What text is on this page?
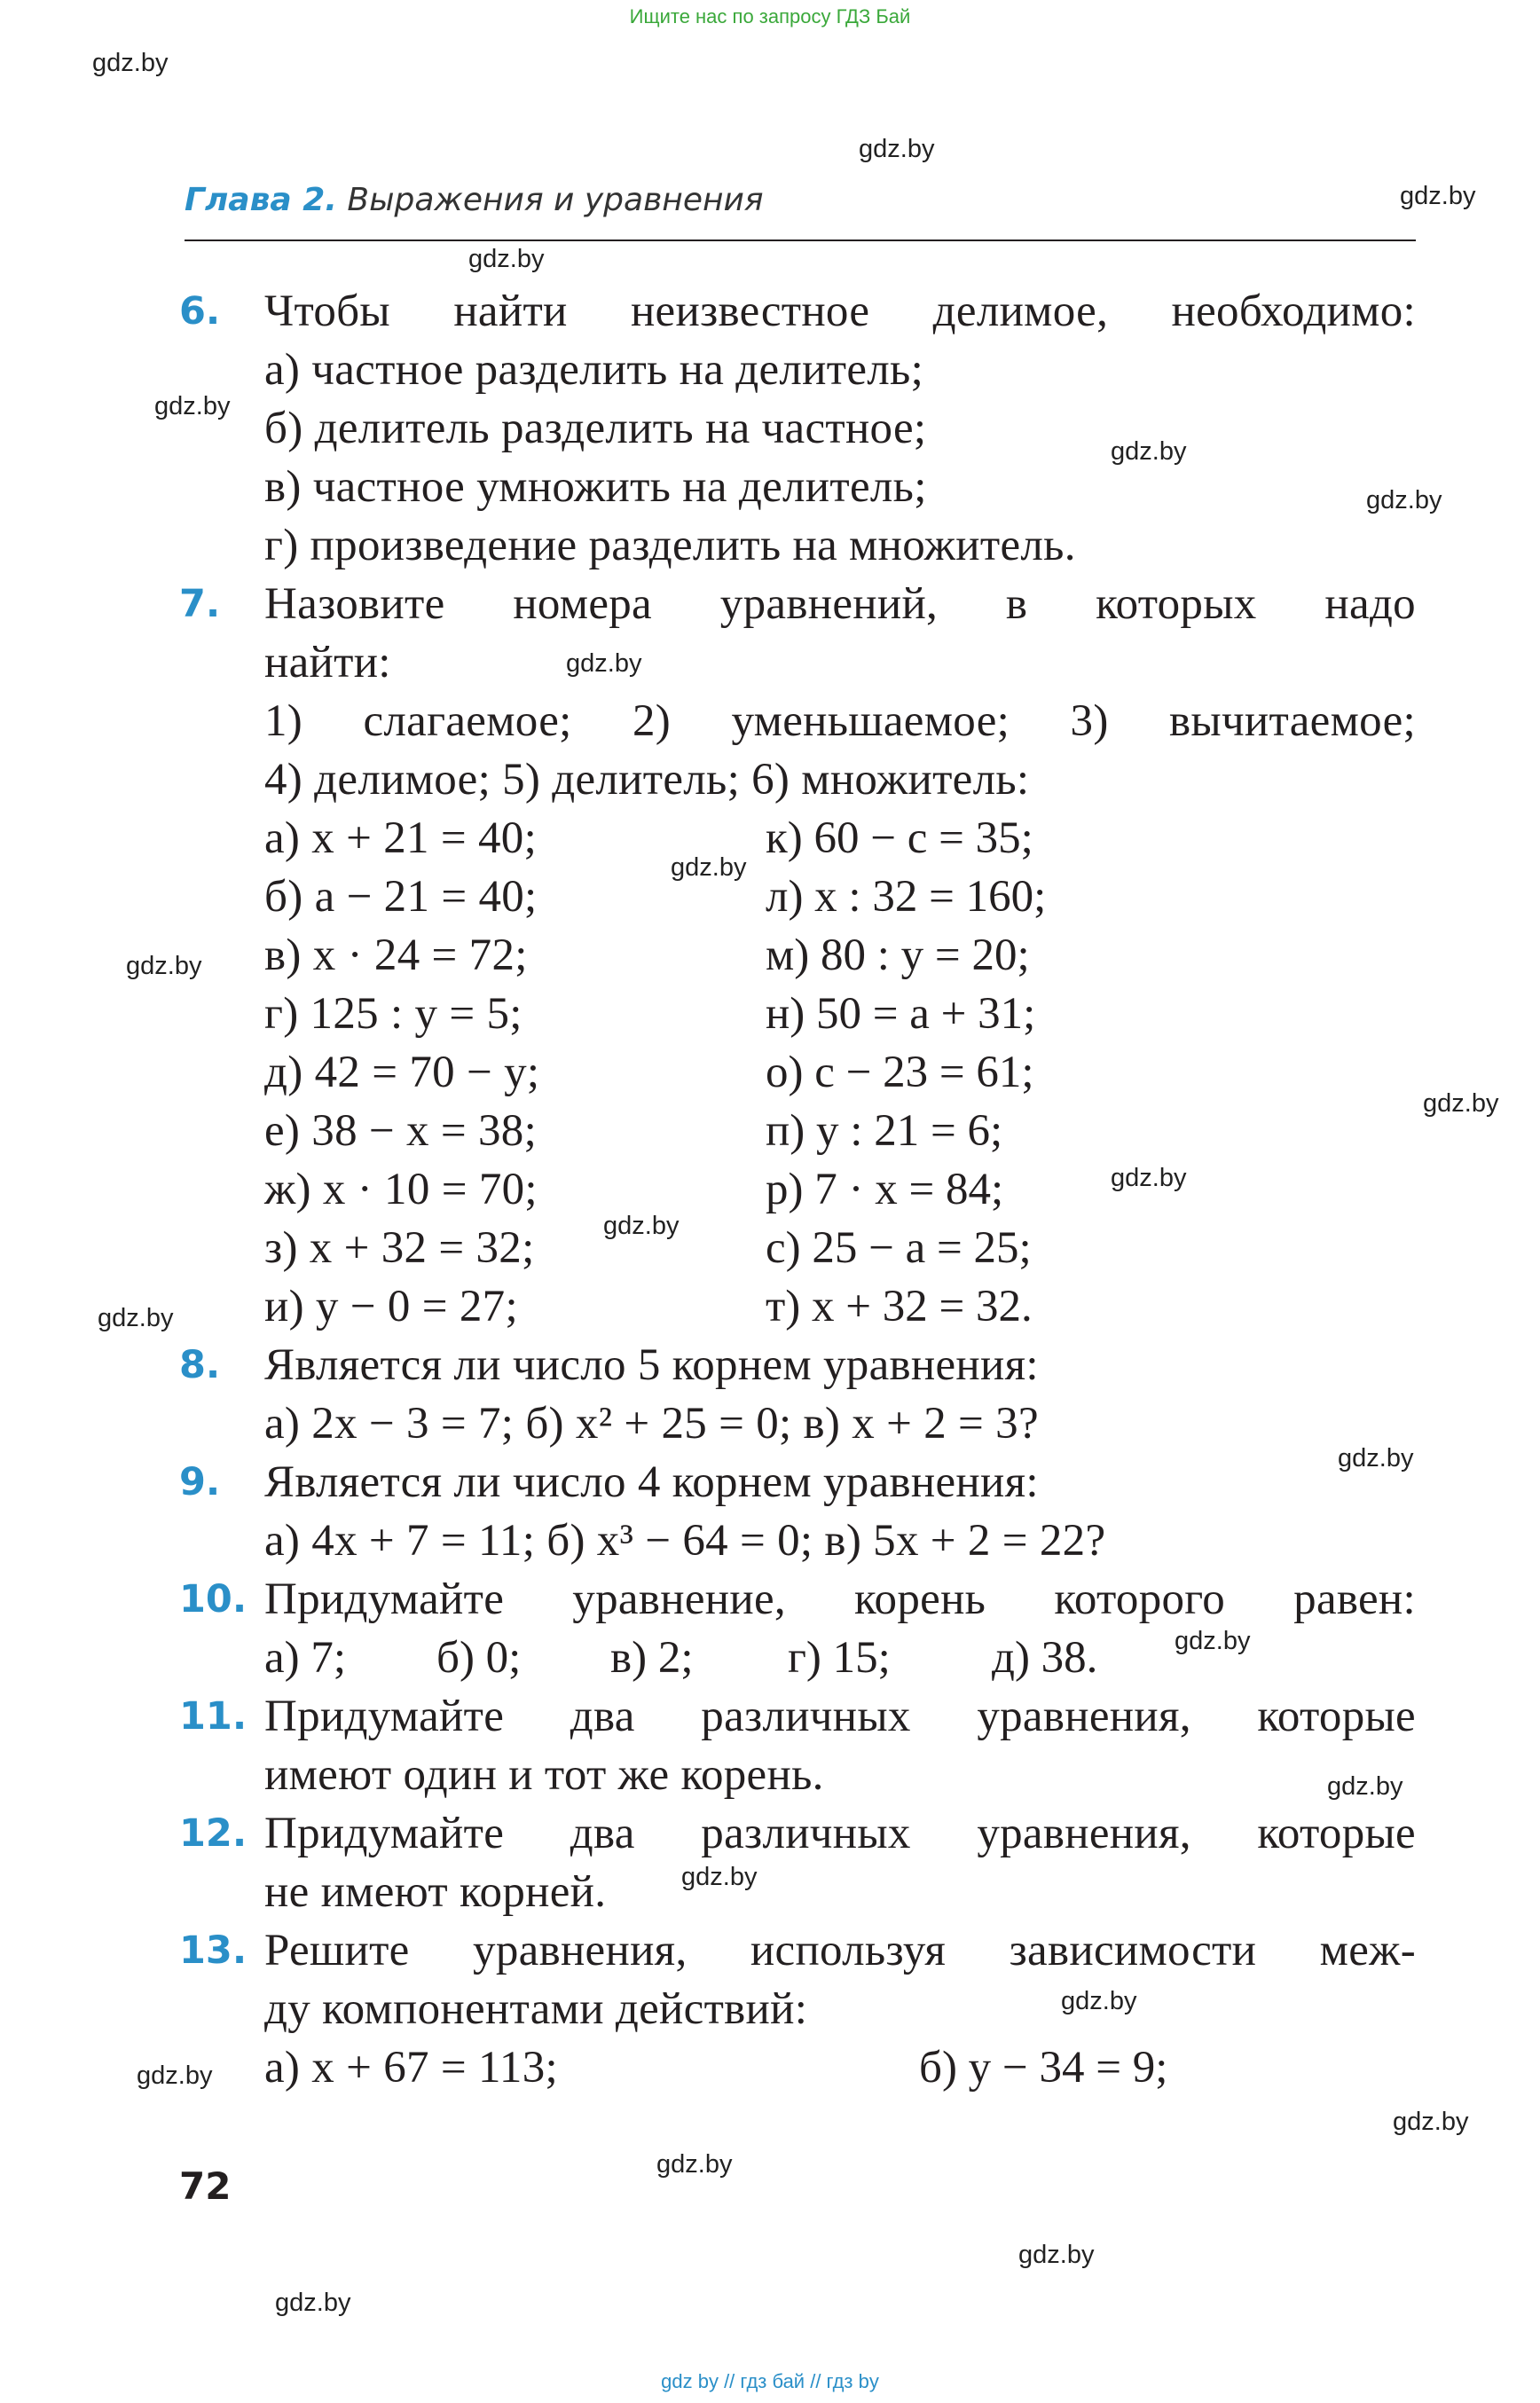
Ищите нас по запросу ГДЗ Бай
gdz.by
gdz.by
gdz.by
gdz.by
gdz.by
gdz.by
gdz.by
gdz.by
gdz.by
gdz.by
gdz.by
gdz.by
gdz.by
gdz.by
gdz.by
gdz.by
gdz.by
gdz.by
gdz.by
gdz.by
gdz.by
gdz.by
gdz.by
gdz.by
Глава 2. Выражения и уравнения
6. Чтобы найти неизвестное делимое, необходимо:
а) частное разделить на делитель;
б) делитель разделить на частное;
в) частное умножить на делитель;
г) произведение разделить на множитель.
7. Назовите номера уравнений, в которых надо
найти:
1) слагаемое; 2) уменьшаемое; 3) вычитаемое;
4) делимое; 5) делитель; 6) множитель:
а) x + 21 = 40;
б) a − 21 = 40;
в) x · 24 = 72;
г) 125 : y = 5;
д) 42 = 70 − y;
е) 38 − x = 38;
ж) x · 10 = 70;
з) x + 32 = 32;
и) y − 0 = 27;
к) 60 − c = 35;
л) x : 32 = 160;
м) 80 : y = 20;
н) 50 = a + 31;
о) c − 23 = 61;
п) y : 21 = 6;
р) 7 · x = 84;
с) 25 − a = 25;
т) x + 32 = 32.
8. Является ли число 5 корнем уравнения:
а) 2x − 3 = 7; б) x² + 25 = 0; в) x + 2 = 3?
9. Является ли число 4 корнем уравнения:
а) 4x + 7 = 11; б) x³ − 64 = 0; в) 5x + 2 = 22?
10. Придумайте уравнение, корень которого равен:
а) 7; б) 0; в) 2; г) 15; д) 38.
11. Придумайте два различных уравнения, которые
имеют один и тот же корень.
12. Придумайте два различных уравнения, которые
не имеют корней.
13. Решите уравнения, используя зависимости меж-
ду компонентами действий:
а) x + 67 = 113;	б) y − 34 = 9;
72
gdz by // гдз бай // гдз by
